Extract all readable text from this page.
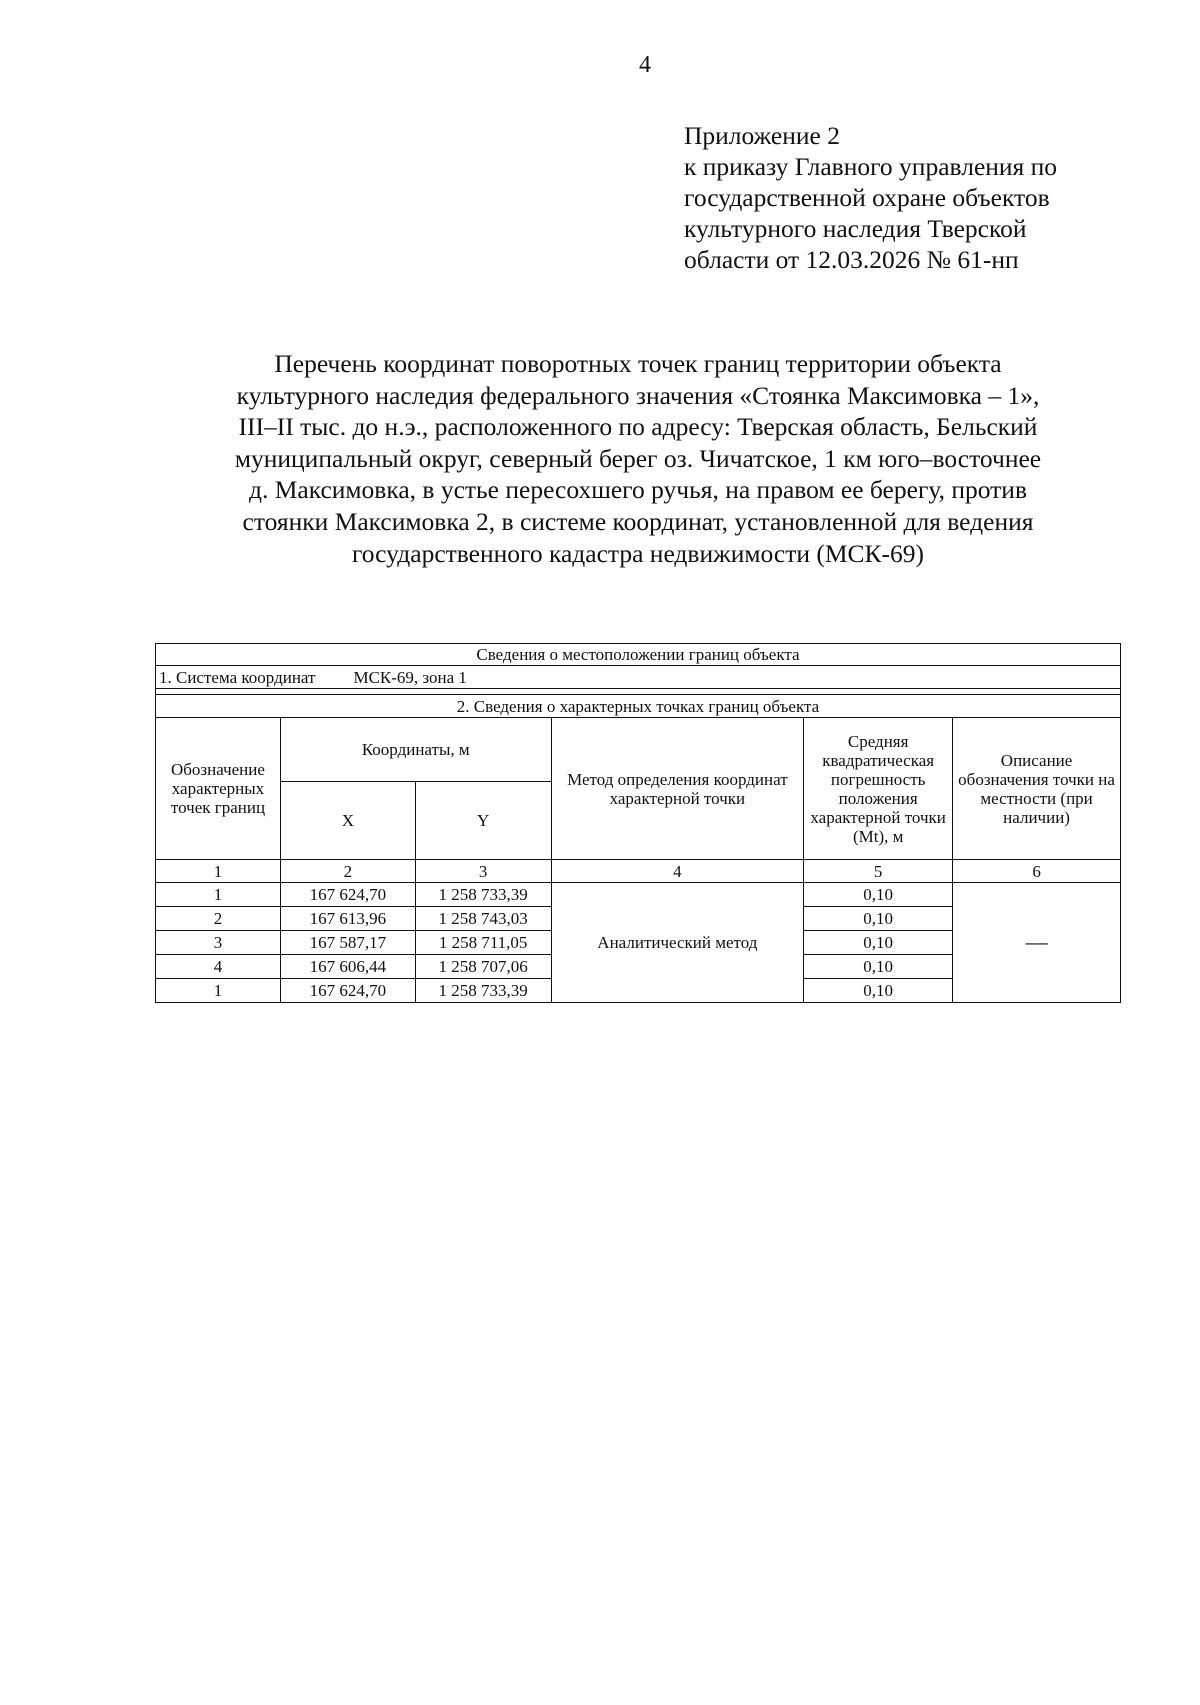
4
Приложение 2
к приказу Главного управления по
государственной охране объектов
культурного наследия Тверской
области от 12.03.2026 № 61-нп
Перечень координат поворотных точек границ территории объекта
культурного наследия федерального значения «Стоянка Максимовка – 1»,
III–II тыс. до н.э., расположенного по адресу: Тверская область, Бельский
муниципальный округ, северный берег оз. Чичатское, 1 км юго–восточнее
д. Максимовка, в устье пересохшего ручья, на правом ее берегу, против
стоянки Максимовка 2, в системе координат, установленной для ведения
государственного кадастра недвижимости (МСК-69)
Сведения о местоположении границ объекта					
1. Система координат МСК-69, зона 1					

2. Сведения о характерных точках границ объекта					
Обозначение характерных точек границ	Координаты, м		Метод определения координат характерной точки	Средняя квадратическая погрешность положения характерной точки (Mt), м	Описание обозначения точки на местности (при наличии)
	X	Y			
1	2	3	4	5	6
1	167 624,70	1 258 733,39	Аналитический метод	0,10	—
2	167 613,96	1 258 743,03		0,10	
3	167 587,17	1 258 711,05		0,10	
4	167 606,44	1 258 707,06		0,10	
1	167 624,70	1 258 733,39		0,10	
